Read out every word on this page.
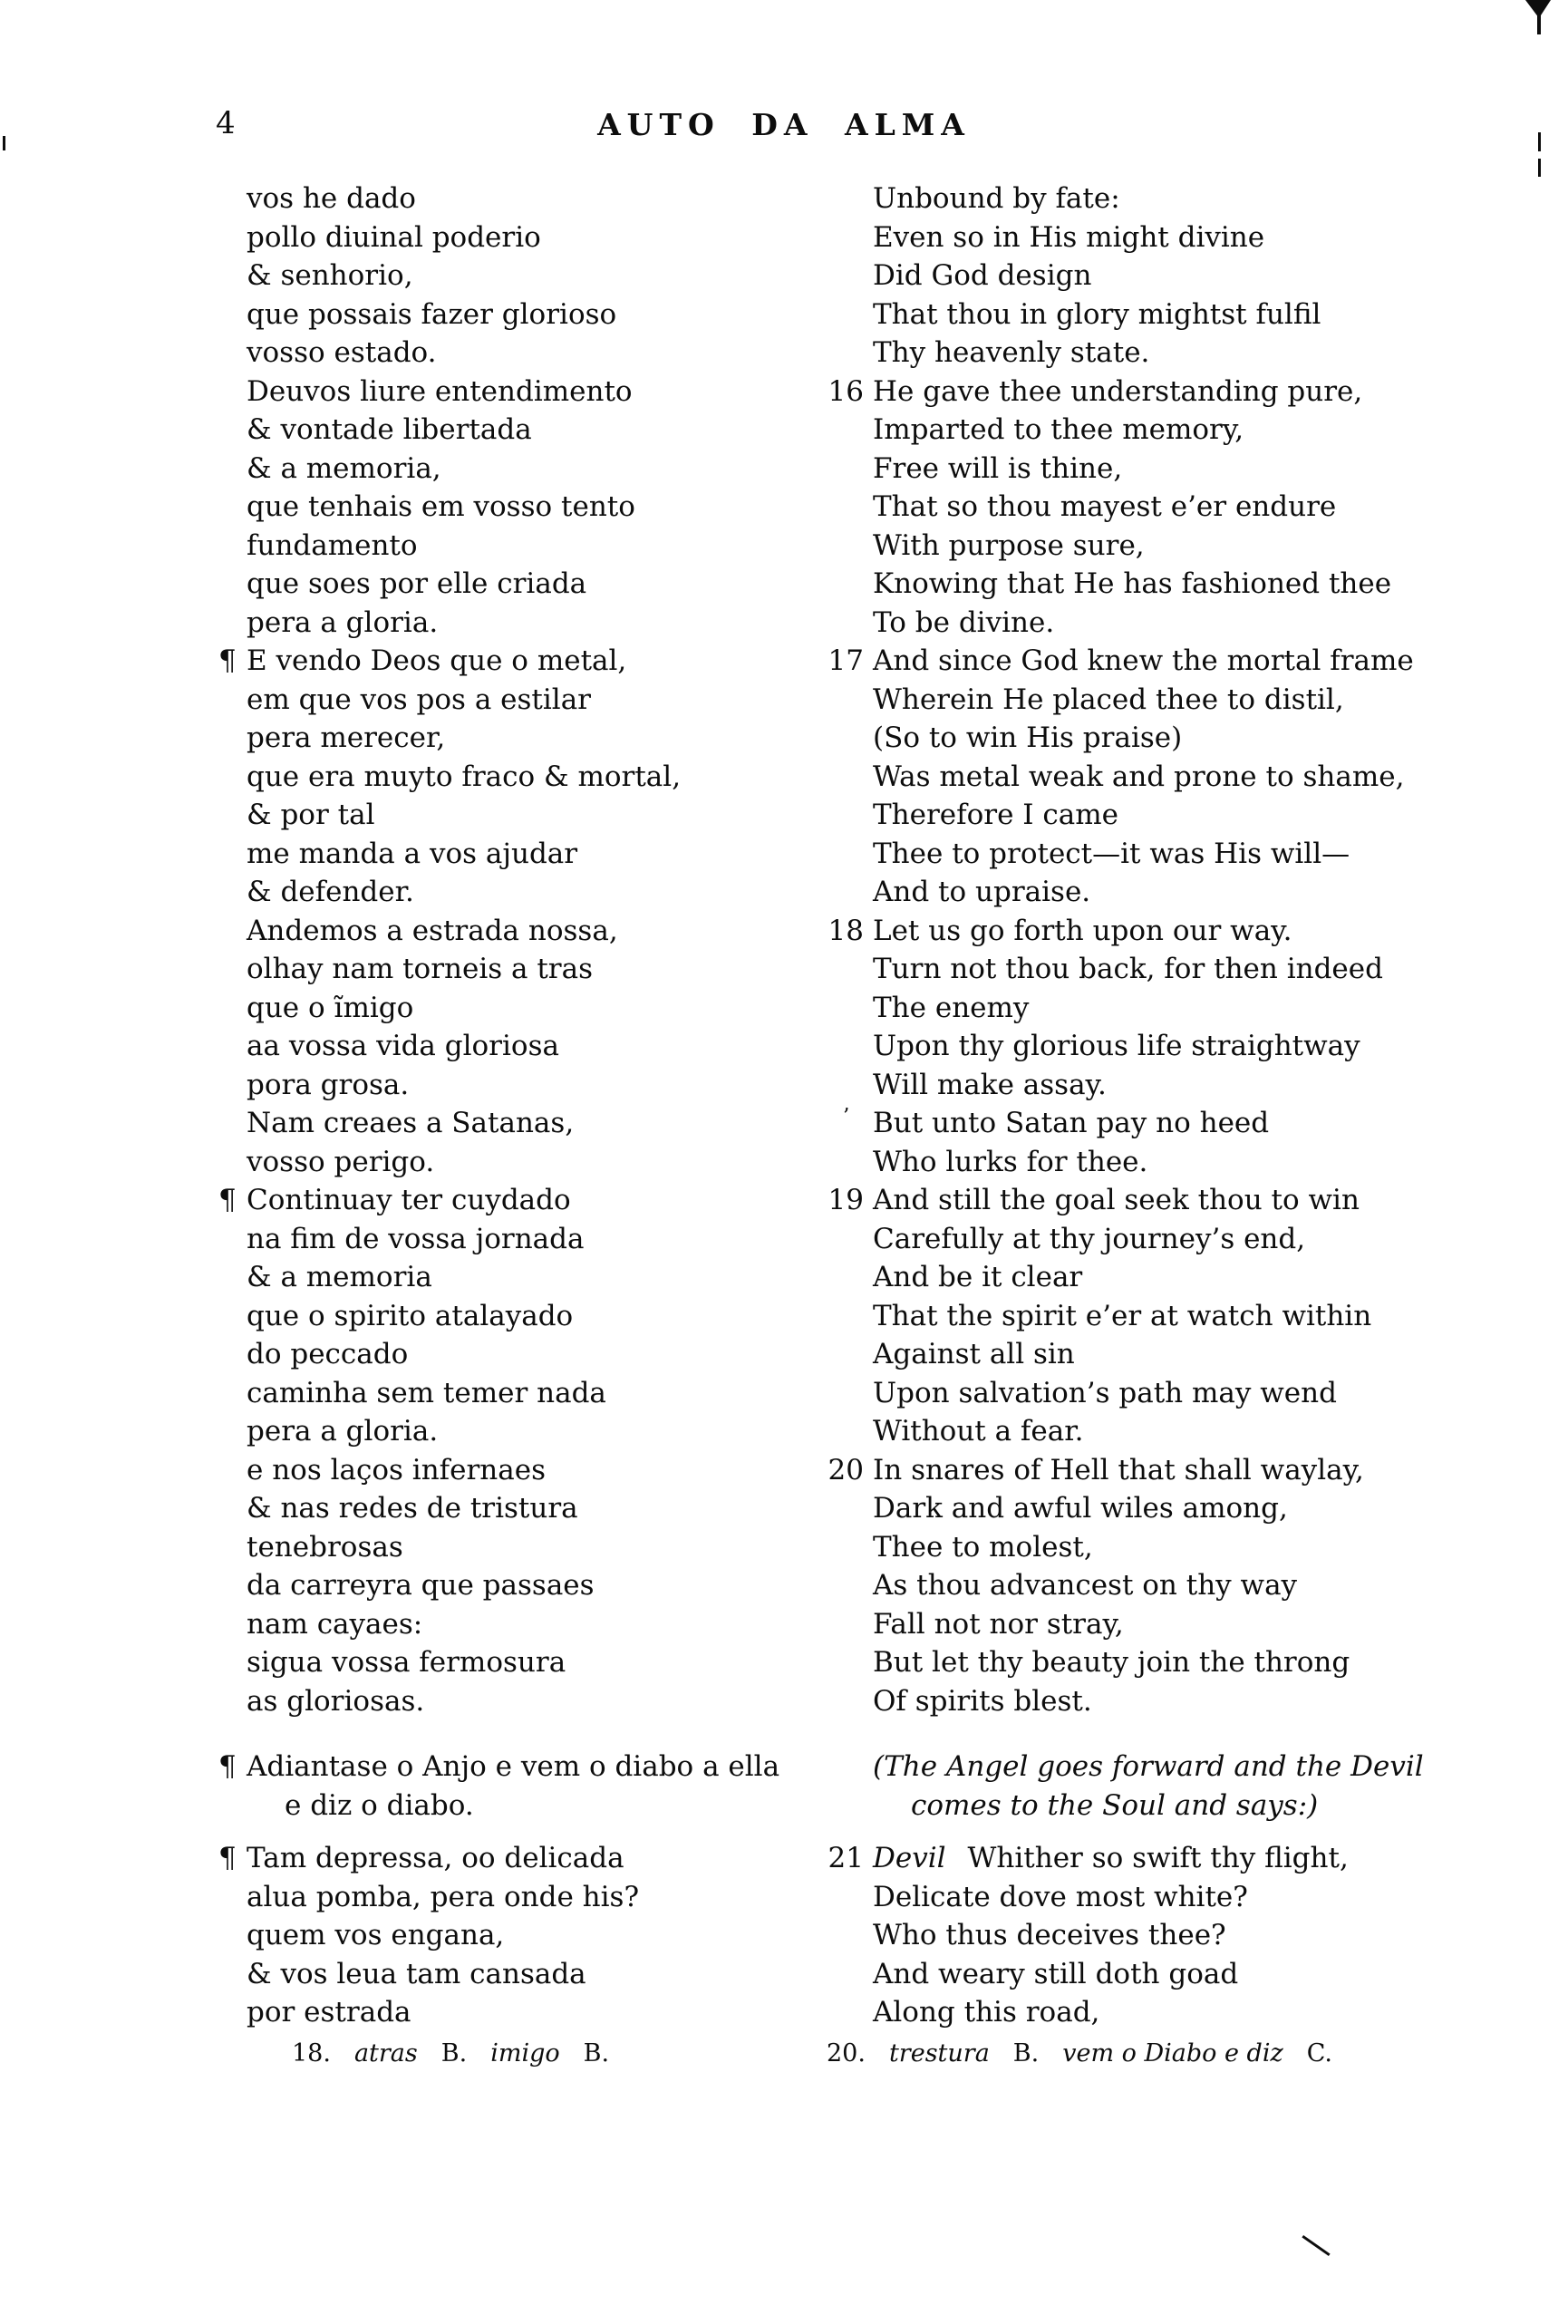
4	AUTO DA ALMA
vos he dado
pollo diuinal poderio
& senhorio,
que possais fazer glorioso
vosso estado.
Deuvos liure entendimento
& vontade libertada
& a memoria,
que tenhais em vosso tento
fundamento
que soes por elle criada
pera a gloria.
¶ E vendo Deos que o metal,
em que vos pos a estilar
pera merecer,
que era muyto fraco & mortal,
& por tal
me manda a vos ajudar
& defender.
Andemos a estrada nossa,
olhay nam torneis a tras
que o ĩmigo
aa vossa vida gloriosa
pora grosa.
Nam creaes a Satanas,
vosso perigo.
¶ Continuay ter cuydado
na fim de vossa jornada
& a memoria
que o spirito atalayado
do peccado
caminha sem temer nada
pera a gloria.
e nos laços infernaes
& nas redes de tristura
tenebrosas
da carreyra que passaes
nam cayaes:
sigua vossa fermosura
as gloriosas.
¶ Adiantase o Anjo e vem o diabo a ella
e diz o diabo.
¶ Tam depressa, oo delicada
alua pomba, pera onde his?
quem vos engana,
& vos leua tam cansada
por estrada
Unbound by fate:
Even so in His might divine
Did God design
That thou in glory mightst fulfil
Thy heavenly state.
16 He gave thee understanding pure,
Imparted to thee memory,
Free will is thine,
That so thou mayest e’er endure
With purpose sure,
Knowing that He has fashioned thee
To be divine.
17 And since God knew the mortal frame
Wherein He placed thee to distil,
(So to win His praise)
Was metal weak and prone to shame,
Therefore I came
Thee to protect—it was His will—
And to upraise.
18 Let us go forth upon our way.
Turn not thou back, for then indeed
The enemy
Upon thy glorious life straightway
Will make assay.
’ But unto Satan pay no heed
Who lurks for thee.
19 And still the goal seek thou to win
Carefully at thy journey’s end,
And be it clear
That the spirit e’er at watch within
Against all sin
Upon salvation’s path may wend
Without a fear.
20 In snares of Hell that shall waylay,
Dark and awful wiles among,
Thee to molest,
As thou advancest on thy way
Fall not nor stray,
But let thy beauty join the throng
Of spirits blest.
(The Angel goes forward and the Devil
comes to the Soul and says:)
21 Devil Whither so swift thy flight,
Delicate dove most white?
Who thus deceives thee?
And weary still doth goad
Along this road,
18. atras B. imigo B.	20. trestura B. vem o Diabo e diz C.
